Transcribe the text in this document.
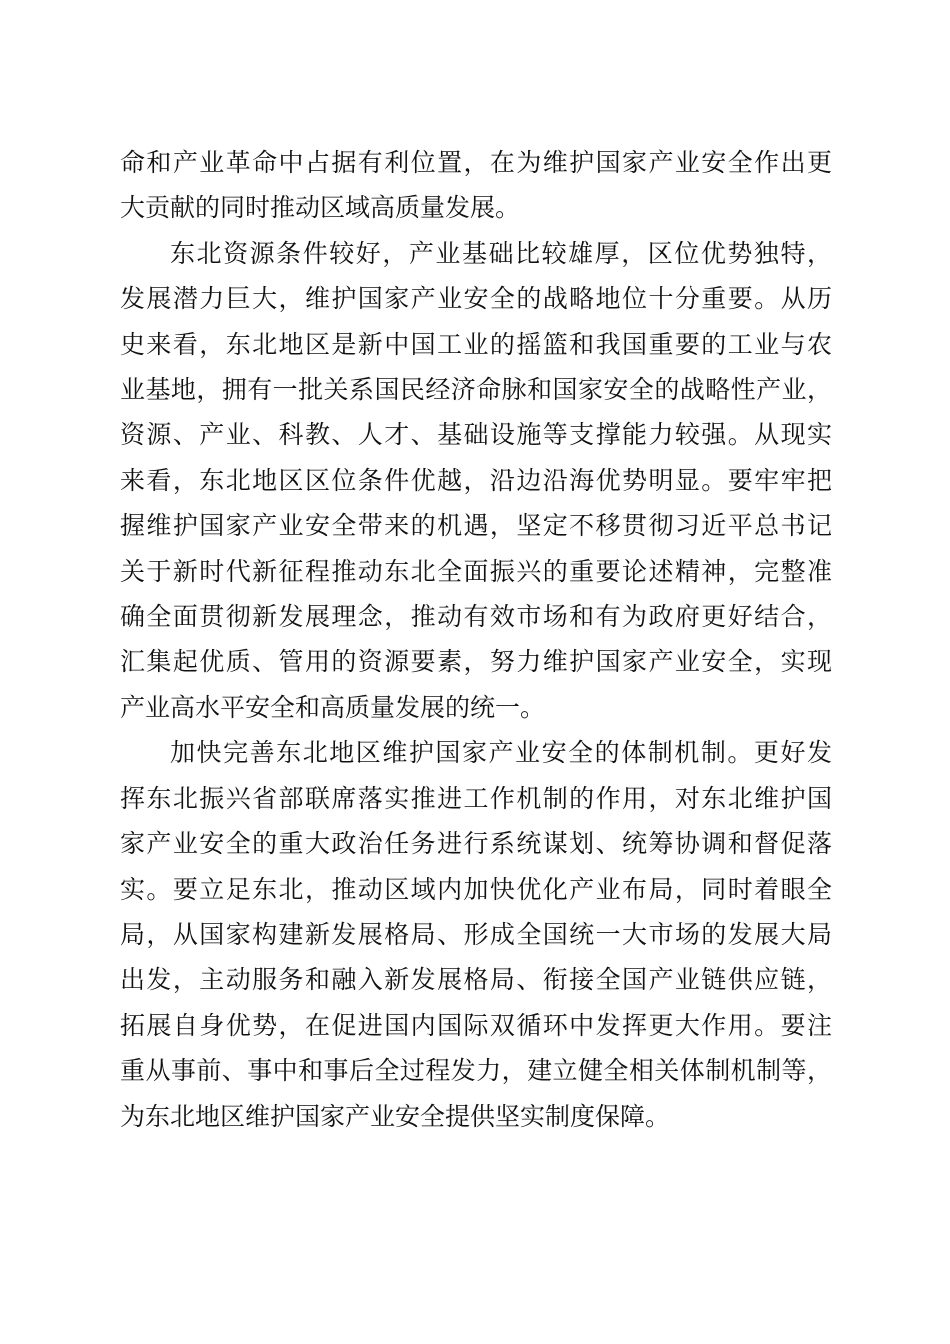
命和产业革命中占据有利位置，在为维护国家产业安全作出更
大贡献的同时推动区域高质量发展。
东北资源条件较好，产业基础比较雄厚，区位优势独特，
发展潜力巨大，维护国家产业安全的战略地位十分重要。从历
史来看，东北地区是新中国工业的摇篮和我国重要的工业与农
业基地，拥有一批关系国民经济命脉和国家安全的战略性产业，
资源、产业、科教、人才、基础设施等支撑能力较强。从现实
来看，东北地区区位条件优越，沿边沿海优势明显。要牢牢把
握维护国家产业安全带来的机遇，坚定不移贯彻习近平总书记
关于新时代新征程推动东北全面振兴的重要论述精神，完整准
确全面贯彻新发展理念，推动有效市场和有为政府更好结合，
汇集起优质、管用的资源要素，努力维护国家产业安全，实现
产业高水平安全和高质量发展的统一。
加快完善东北地区维护国家产业安全的体制机制。更好发
挥东北振兴省部联席落实推进工作机制的作用，对东北维护国
家产业安全的重大政治任务进行系统谋划、统筹协调和督促落
实。要立足东北，推动区域内加快优化产业布局，同时着眼全
局，从国家构建新发展格局、形成全国统一大市场的发展大局
出发，主动服务和融入新发展格局、衔接全国产业链供应链，
拓展自身优势，在促进国内国际双循环中发挥更大作用。要注
重从事前、事中和事后全过程发力，建立健全相关体制机制等，
为东北地区维护国家产业安全提供坚实制度保障。
